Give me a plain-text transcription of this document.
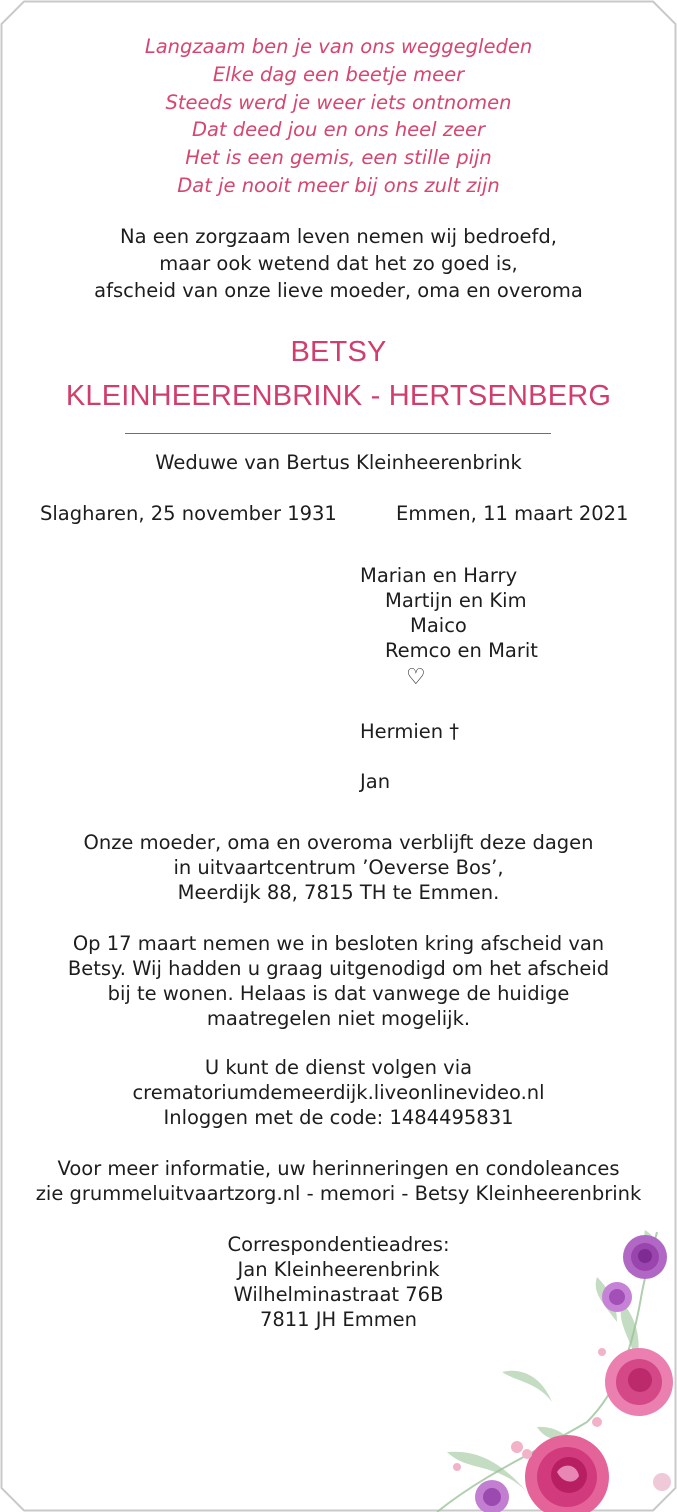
Langzaam ben je van ons weggegleden
Elke dag een beetje meer
Steeds werd je weer iets ontnomen
Dat deed jou en ons heel zeer
Het is een gemis, een stille pijn
Dat je nooit meer bij ons zult zijn
Na een zorgzaam leven nemen wij bedroefd,
maar ook wetend dat het zo goed is,
afscheid van onze lieve moeder, oma en overoma
BETSY
KLEINHEERENBRINK - HERTSENBERG
Weduwe van Bertus Kleinheerenbrink
Slagharen, 25 november 1931	Emmen, 11 maart 2021
Marian en Harry
Martijn en Kim
Maico
Remco en Marit
♡
Hermien †
Jan
Onze moeder, oma en overoma verblijft deze dagen
in uitvaartcentrum ’Oeverse Bos’,
Meerdijk 88, 7815 TH te Emmen.
Op 17 maart nemen we in besloten kring afscheid van
Betsy. Wij hadden u graag uitgenodigd om het afscheid
bij te wonen. Helaas is dat vanwege de huidige
maatregelen niet mogelijk.
U kunt de dienst volgen via
crematoriumdemeerdijk.liveonlinevideo.nl
Inloggen met de code: 1484495831
Voor meer informatie, uw herinneringen en condoleances
zie grummeluitvaartzorg.nl - memori - Betsy Kleinheerenbrink
Correspondentieadres:
Jan Kleinheerenbrink
Wilhelminastraat 76B
7811 JH Emmen
